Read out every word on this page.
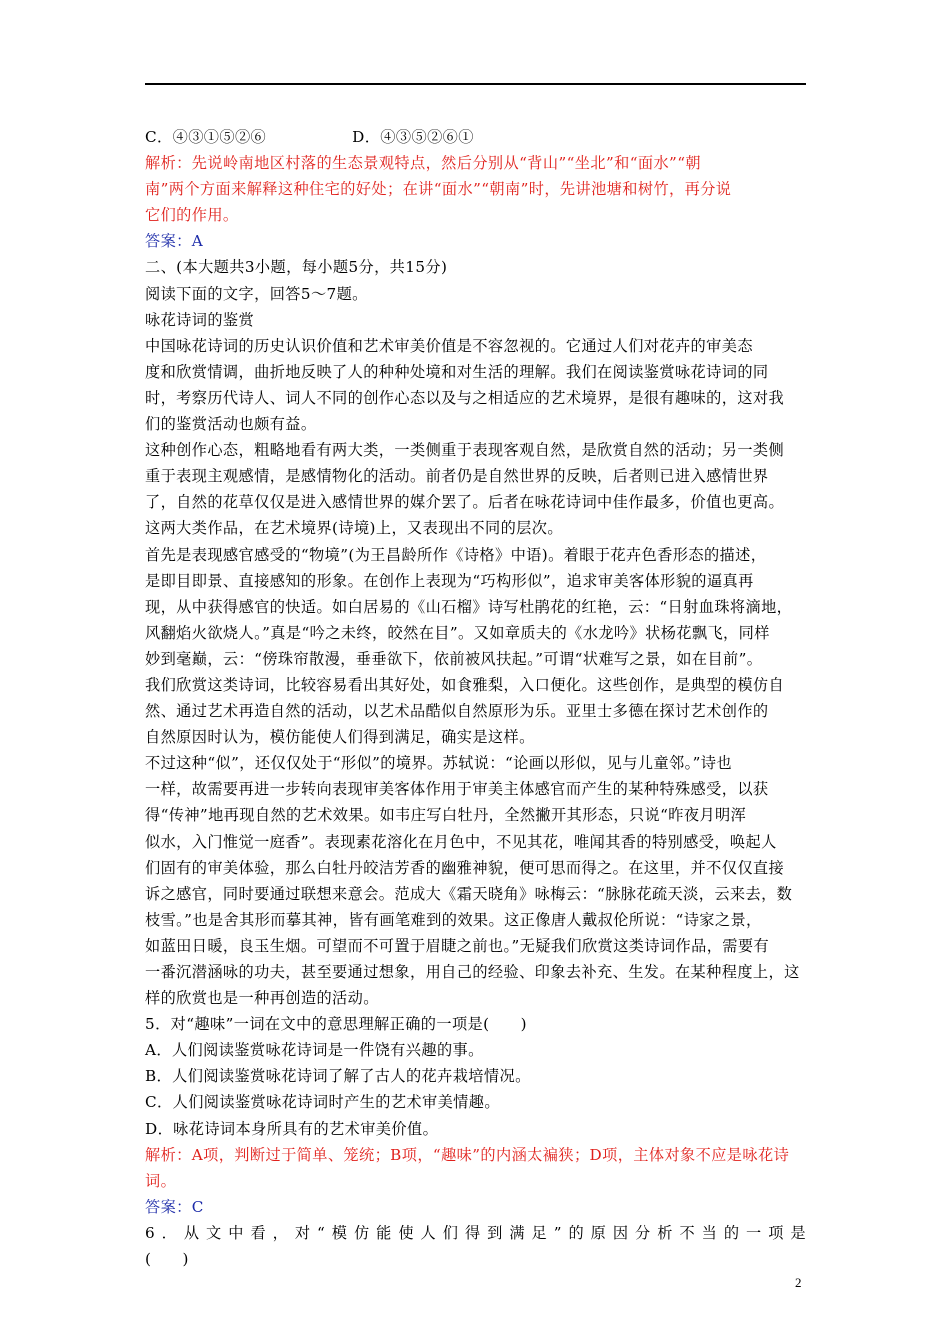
C．④③①⑤②⑥	D．④③⑤②⑥①
解析：先说岭南地区村落的生态景观特点，然后分别从“背山”“坐北”和“面水”“朝
南”两个方面来解释这种住宅的好处；在讲“面水”“朝南”时，先讲池塘和树竹，再分说
它们的作用。
答案：A
二、(本大题共3小题，每小题5分，共15分)
阅读下面的文字，回答5～7题。
咏花诗词的鉴赏
中国咏花诗词的历史认识价值和艺术审美价值是不容忽视的。它通过人们对花卉的审美态
度和欣赏情调，曲折地反映了人的种种处境和对生活的理解。我们在阅读鉴赏咏花诗词的同
时，考察历代诗人、词人不同的创作心态以及与之相适应的艺术境界，是很有趣味的，这对我
们的鉴赏活动也颇有益。
这种创作心态，粗略地看有两大类，一类侧重于表现客观自然，是欣赏自然的活动；另一类侧
重于表现主观感情，是感情物化的活动。前者仍是自然世界的反映，后者则已进入感情世界
了，自然的花草仅仅是进入感情世界的媒介罢了。后者在咏花诗词中佳作最多，价值也更高。
这两大类作品，在艺术境界(诗境)上，又表现出不同的层次。
首先是表现感官感受的“物境”(为王昌龄所作《诗格》中语)。着眼于花卉色香形态的描述，
是即目即景、直接感知的形象。在创作上表现为“巧构形似”，追求审美客体形貌的逼真再
现，从中获得感官的快适。如白居易的《山石榴》诗写杜鹃花的红艳，云：“日射血珠将滴地，
风翻焰火欲烧人。”真是“吟之未终，皎然在目”。又如章质夫的《水龙吟》状杨花飘飞，同样
妙到毫巅，云：“傍珠帘散漫，垂垂欲下，依前被风扶起。”可谓“状难写之景，如在目前”。
我们欣赏这类诗词，比较容易看出其好处，如食雅梨，入口便化。这些创作，是典型的模仿自
然、通过艺术再造自然的活动，以艺术品酷似自然原形为乐。亚里士多德在探讨艺术创作的
自然原因时认为，模仿能使人们得到满足，确实是这样。
不过这种“似”，还仅仅处于“形似”的境界。苏轼说：“论画以形似，见与儿童邻。”诗也
一样，故需要再进一步转向表现审美客体作用于审美主体感官而产生的某种特殊感受，以获
得“传神”地再现自然的艺术效果。如韦庄写白牡丹，全然撇开其形态，只说“昨夜月明浑
似水，入门惟觉一庭香”。表现素花溶化在月色中，不见其花，唯闻其香的特别感受，唤起人
们固有的审美体验，那么白牡丹皎洁芳香的幽雅神貌，便可思而得之。在这里，并不仅仅直接
诉之感官，同时要通过联想来意会。范成大《霜天晓角》咏梅云：“脉脉花疏天淡，云来去，数
枝雪。”也是舍其形而摹其神，皆有画笔难到的效果。这正像唐人戴叔伦所说：“诗家之景，
如蓝田日暖，良玉生烟。可望而不可置于眉睫之前也。”无疑我们欣赏这类诗词作品，需要有
一番沉潜涵咏的功夫，甚至要通过想象，用自己的经验、印象去补充、生发。在某种程度上，这
样的欣赏也是一种再创造的活动。
5．对“趣味”一词在文中的意思理解正确的一项是(　　)
A．人们阅读鉴赏咏花诗词是一件饶有兴趣的事。
B．人们阅读鉴赏咏花诗词了解了古人的花卉栽培情况。
C．人们阅读鉴赏咏花诗词时产生的艺术审美情趣。
D．咏花诗词本身所具有的艺术审美价值。
解析：A项，判断过于简单、笼统；B项，“趣味”的内涵太褊狭；D项，主体对象不应是咏花诗
词。
答案：C
6．从文中看，对“模仿能使人们得到满足”的原因分析不当的一项是
(　　)
2
